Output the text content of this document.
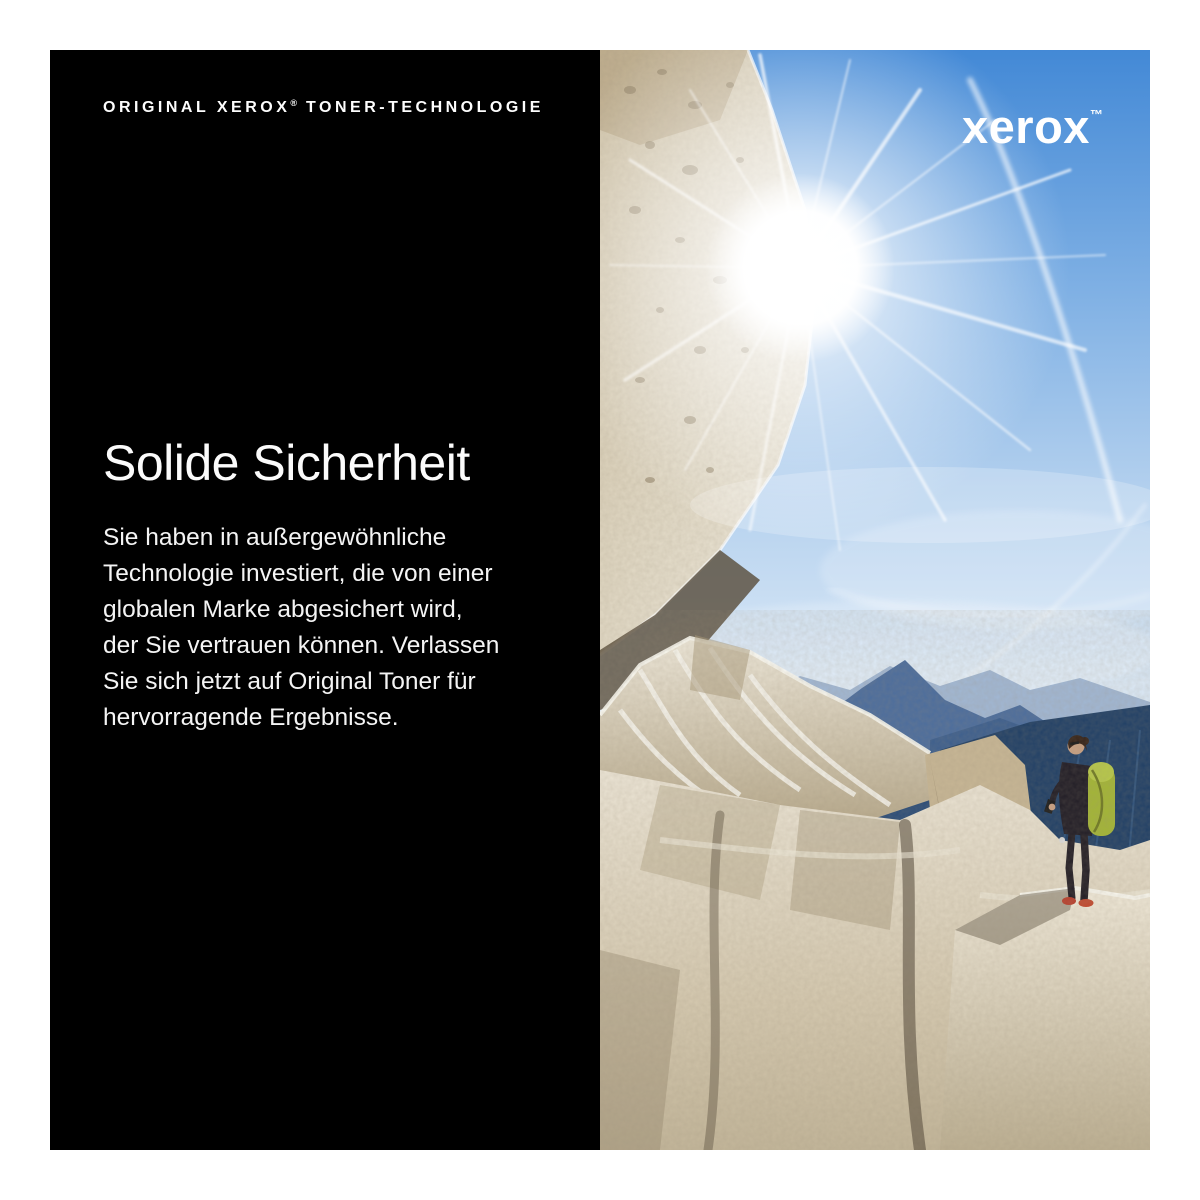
ORIGINAL XEROX® TONER-TECHNOLOGIE
Solide Sicherheit
Sie haben in außergewöhnliche
Technologie investiert, die von einer
globalen Marke abgesichert wird,
der Sie vertrauen können. Verlassen
Sie sich jetzt auf Original Toner für
hervorragende Ergebnisse.
xerox™
